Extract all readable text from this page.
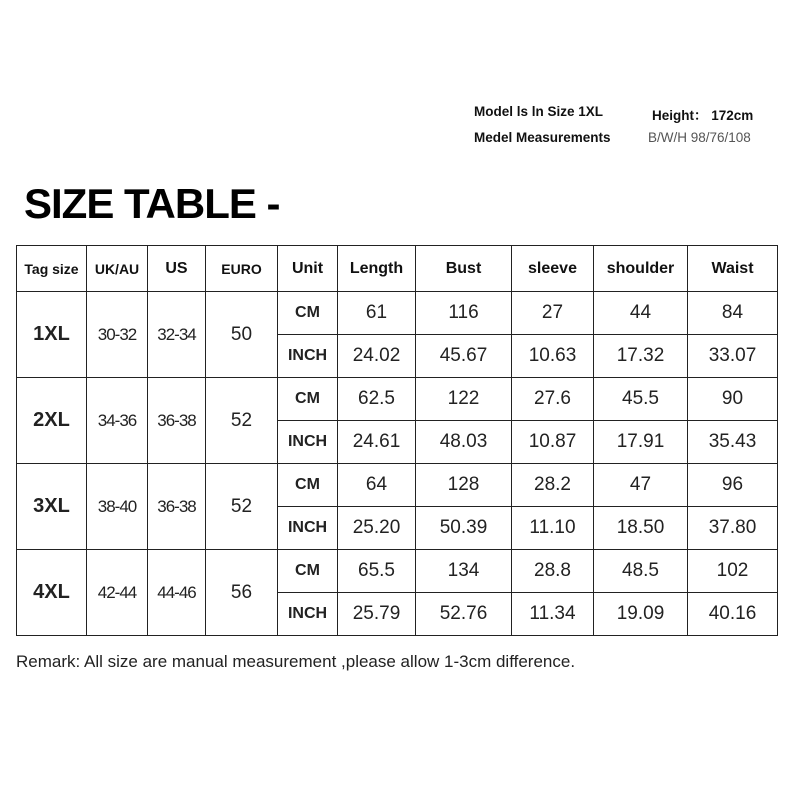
Model ls ln Size 1XL	Height： 172cm
Medel Measurements	B/W/H 98/76/108
SIZE TABLE -
Tag size	UK/AU	US	EURO	Unit	Length	Bust	sleeve	shoulder	Waist
1XL	30-32	32-34	50	CM	61	116	27	44	84
				INCH	24.02	45.67	10.63	17.32	33.07
2XL	34-36	36-38	52	CM	62.5	122	27.6	45.5	90
				INCH	24.61	48.03	10.87	17.91	35.43
3XL	38-40	36-38	52	CM	64	128	28.2	47	96
				INCH	25.20	50.39	11.10	18.50	37.80
4XL	42-44	44-46	56	CM	65.5	134	28.8	48.5	102
				INCH	25.79	52.76	11.34	19.09	40.16
Remark: All size are manual measurement ,please allow 1-3cm difference.
